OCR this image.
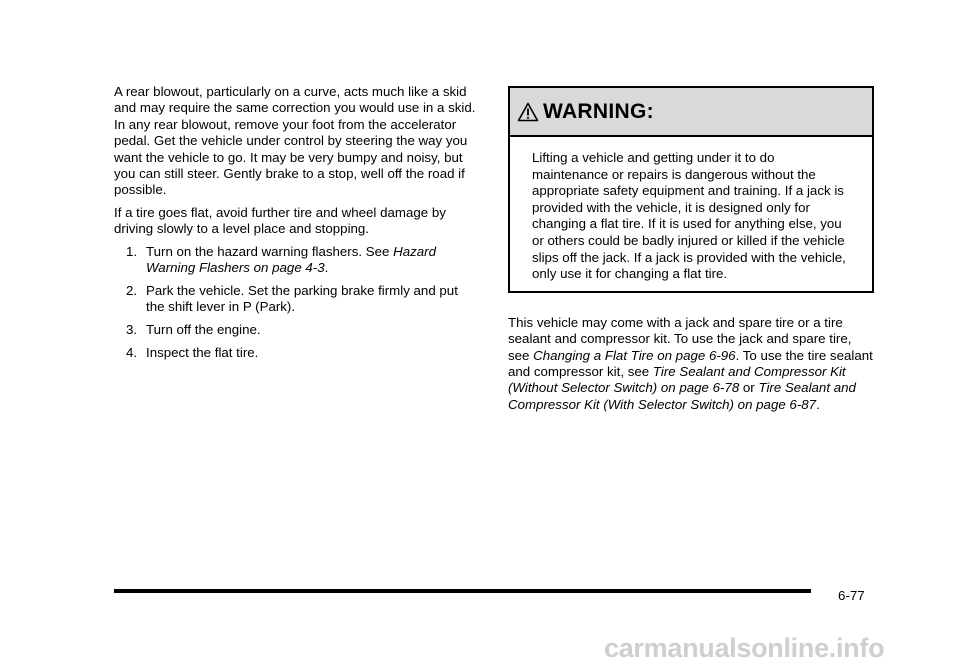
A rear blowout, particularly on a curve, acts much like a skid and may require the same correction you would use in a skid. In any rear blowout, remove your foot from the accelerator pedal. Get the vehicle under control by steering the way you want the vehicle to go. It may be very bumpy and noisy, but you can still steer. Gently brake to a stop, well off the road if possible.

If a tire goes flat, avoid further tire and wheel damage by driving slowly to a level place and stopping.

1. Turn on the hazard warning flashers. See Hazard Warning Flashers on page 4-3.
2. Park the vehicle. Set the parking brake firmly and put the shift lever in P (Park).
3. Turn off the engine.
4. Inspect the flat tire.
WARNING:

Lifting a vehicle and getting under it to do maintenance or repairs is dangerous without the appropriate safety equipment and training. If a jack is provided with the vehicle, it is designed only for changing a flat tire. If it is used for anything else, you or others could be badly injured or killed if the vehicle slips off the jack. If a jack is provided with the vehicle, only use it for changing a flat tire.

This vehicle may come with a jack and spare tire or a tire sealant and compressor kit. To use the jack and spare tire, see Changing a Flat Tire on page 6-96. To use the tire sealant and compressor kit, see Tire Sealant and Compressor Kit (Without Selector Switch) on page 6-78 or Tire Sealant and Compressor Kit (With Selector Switch) on page 6-87.

6-77
carmanualsonline.info
